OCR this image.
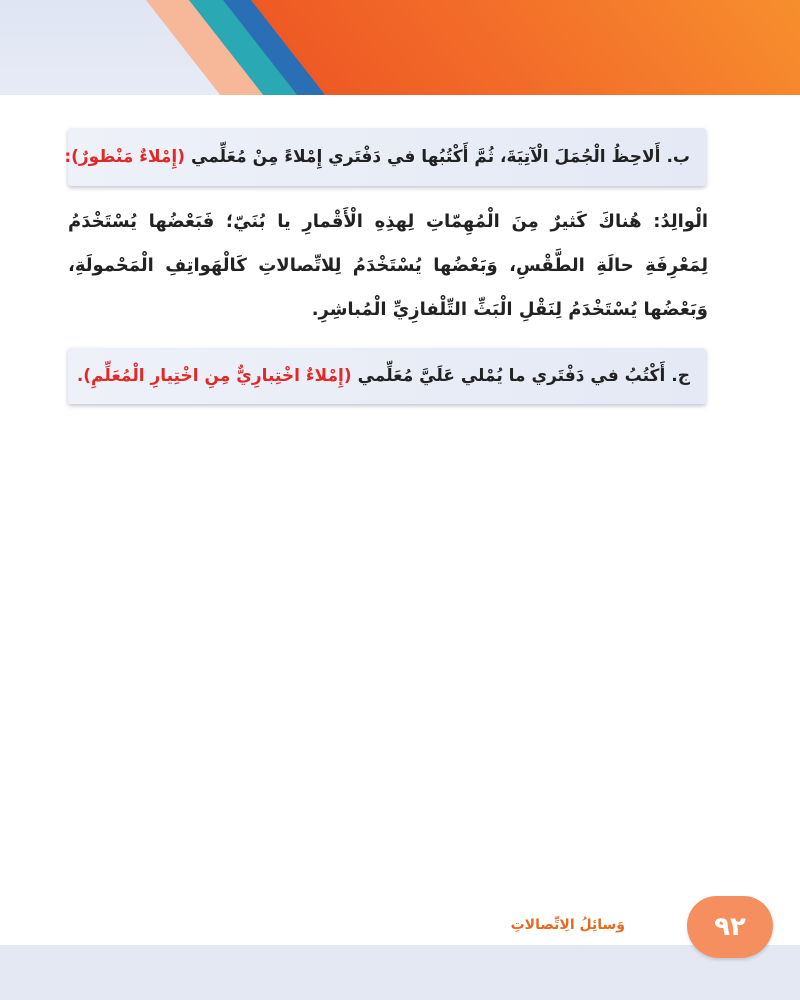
ب.
أَلاحِظُ الْجُمَلَ الْآتِيَةَ، ثُمَّ أَكْتُبُها في دَفْتَري إِمْلاءً مِنْ مُعَلِّمي
(إِمْلاءٌ مَنْظورٌ):
الْوالِدُ: هُناكَ كَثيرٌ مِنَ الْمُهِمّاتِ لِهذِهِ الْأَقْمارِ يا بُنَيّ؛ فَبَعْضُها يُسْتَخْدَمُ لِمَعْرِفَةِ حالَةِ الطَّقْسِ، وَبَعْضُها يُسْتَخْدَمُ لِلاتِّصالاتِ كَالْهَواتِفِ الْمَحْمولَةِ، وَبَعْضُها يُسْتَخْدَمُ لِنَقْلِ الْبَثِّ التِّلْفازِيِّ الْمُباشِرِ.
ج.
أَكْتُبُ في دَفْتَري ما يُمْلي عَلَيَّ مُعَلِّمي
(إِمْلاءٌ اخْتِبارِيٌّ مِنِ اخْتِيارِ الْمُعَلِّمِ).
وَسائِلُ الِاتِّصالاتِ	٩٢
